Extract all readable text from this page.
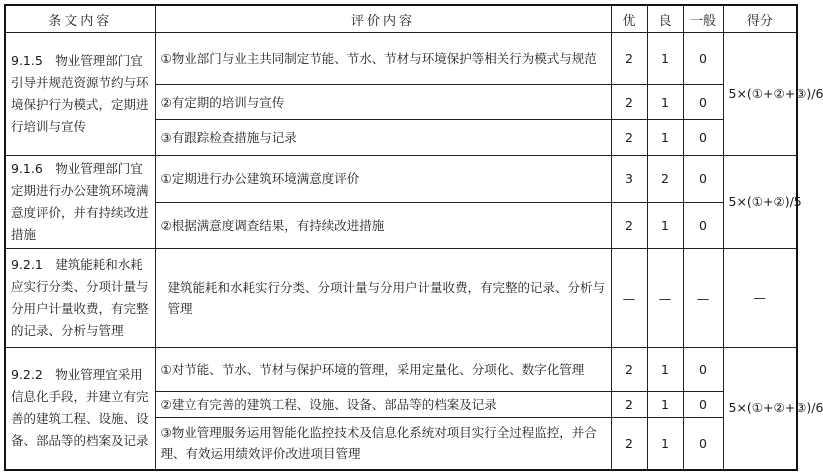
条文内容	评价内容	优	良	一般	得分
9.1.5　物业管理部门宜引导并规范资源节约与环境保护行为模式，定期进行培训与宣传	①物业部门与业主共同制定节能、节水、节材与环境保护等相关行为模式与规范	2	1	0	5×(①+②+③)/6
	②有定期的培训与宣传	2	1	0	
	③有跟踪检查措施与记录	2	1	0	
9.1.6　物业管理部门宜定期进行办公建筑环境满意度评价，并有持续改进措施	①定期进行办公建筑环境满意度评价	3	2	0	5×(①+②)/5
	②根据满意度调查结果，有持续改进措施	2	1	0	
9.2.1　建筑能耗和水耗应实行分类、分项计量与分用户计量收费，有完整的记录、分析与管理	建筑能耗和水耗实行分类、分项计量与分用户计量收费，有完整的记录、分析与管理	—	—	—	—
9.2.2　物业管理宜采用信息化手段，并建立有完善的建筑工程、设施、设备、部品等的档案及记录	①对节能、节水、节材与保护环境的管理，采用定量化、分项化、数字化管理	2	1	0	5×(①+②+③)/6
	②建立有完善的建筑工程、设施、设备、部品等的档案及记录	2	1	0	
	③物业管理服务运用智能化监控技术及信息化系统对项目实行全过程监控，并合理、有效运用绩效评价改进项目管理	2	1	0	
